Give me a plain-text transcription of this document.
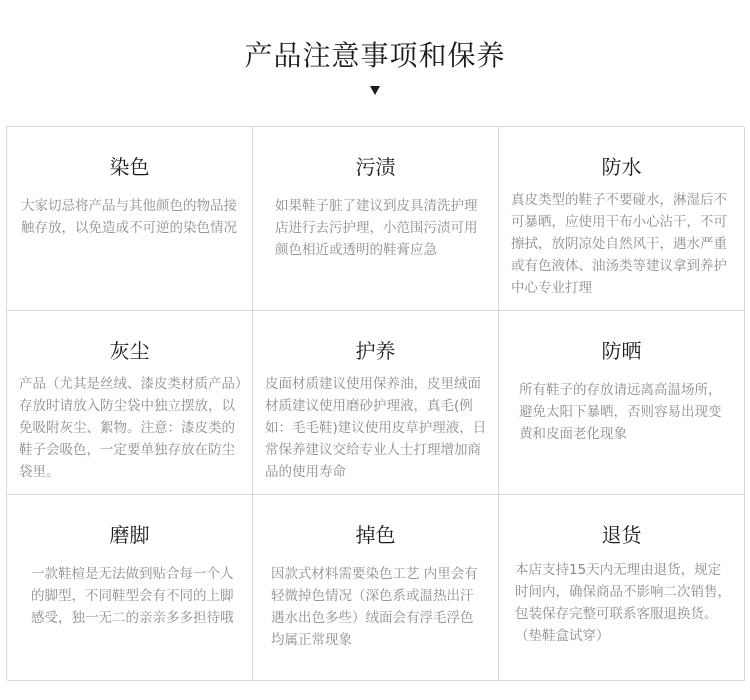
产品注意事项和保养
染色
大家切忌将产品与其他颜色的物品接触存放，以免造成不可逆的染色情况
污渍
如果鞋子脏了建议到皮具清洗护理店进行去污护理，小范围污渍可用颜色相近或透明的鞋膏应急
防水
真皮类型的鞋子不要碰水，淋湿后不可暴晒，应使用干布小心沾干，不可擦拭，放阴凉处自然风干，遇水严重或有色液体、油汤类等建议拿到养护中心专业打理
灰尘
产品（尤其是丝绒、漆皮类材质产品）存放时请放入防尘袋中独立摆放，以免吸附灰尘、絮物。注意：漆皮类的鞋子会吸色，一定要单独存放在防尘袋里。
护养
皮面材质建议使用保养油，皮里绒面材质建议使用磨砂护理液，真毛(例如：毛毛鞋)建议使用皮草护理液，日常保养建议交给专业人士打理增加商品的使用寿命
防晒
所有鞋子的存放请远离高温场所，避免太阳下暴晒，否则容易出现变黄和皮面老化现象
磨脚
一款鞋楦是无法做到贴合每一个人的脚型，不同鞋型会有不同的上脚感受，独一无二的亲亲多多担待哦
掉色
因款式材料需要染色工艺 内里会有轻微掉色情况（深色系或温热出汗遇水出色多些）绒面会有浮毛浮色均属正常现象
退货
本店支持15天内无理由退货，规定时间内，确保商品不影响二次销售，包装保存完整可联系客服退换货。（垫鞋盒试穿）
